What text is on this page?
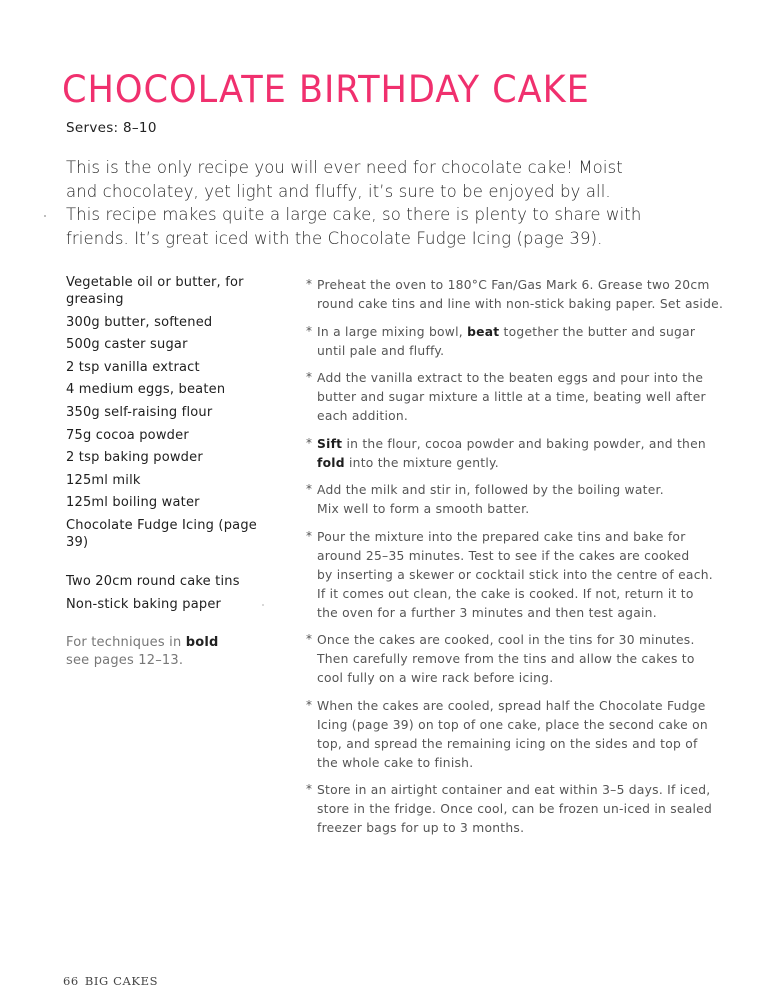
CHOCOLATE BIRTHDAY CAKE
Serves: 8–10
This is the only recipe you will ever need for chocolate cake! Moist
and chocolatey, yet light and fluffy, it’s sure to be enjoyed by all.
This recipe makes quite a large cake, so there is plenty to share with
friends. It’s great iced with the Chocolate Fudge Icing (page 39).
Vegetable oil or butter, for greasing
300g butter, softened
500g caster sugar
2 tsp vanilla extract
4 medium eggs, beaten
350g self-raising flour
75g cocoa powder
2 tsp baking powder
125ml milk
125ml boiling water
Chocolate Fudge Icing (page 39)
Two 20cm round cake tins
Non-stick baking paper
For techniques in bold
see pages 12–13.
* Preheat the oven to 180°C Fan/Gas Mark 6. Grease two 20cm
round cake tins and line with non-stick baking paper. Set aside.
* In a large mixing bowl, beat together the butter and sugar
until pale and fluffy.
* Add the vanilla extract to the beaten eggs and pour into the
butter and sugar mixture a little at a time, beating well after
each addition.
* Sift in the flour, cocoa powder and baking powder, and then
fold into the mixture gently.
* Add the milk and stir in, followed by the boiling water.
Mix well to form a smooth batter.
* Pour the mixture into the prepared cake tins and bake for
around 25–35 minutes. Test to see if the cakes are cooked
by inserting a skewer or cocktail stick into the centre of each.
If it comes out clean, the cake is cooked. If not, return it to
the oven for a further 3 minutes and then test again.
* Once the cakes are cooked, cool in the tins for 30 minutes.
Then carefully remove from the tins and allow the cakes to
cool fully on a wire rack before icing.
* When the cakes are cooled, spread half the Chocolate Fudge
Icing (page 39) on top of one cake, place the second cake on
top, and spread the remaining icing on the sides and top of
the whole cake to finish.
* Store in an airtight container and eat within 3–5 days. If iced,
store in the fridge. Once cool, can be frozen un-iced in sealed
freezer bags for up to 3 months.
66 BIG CAKES
